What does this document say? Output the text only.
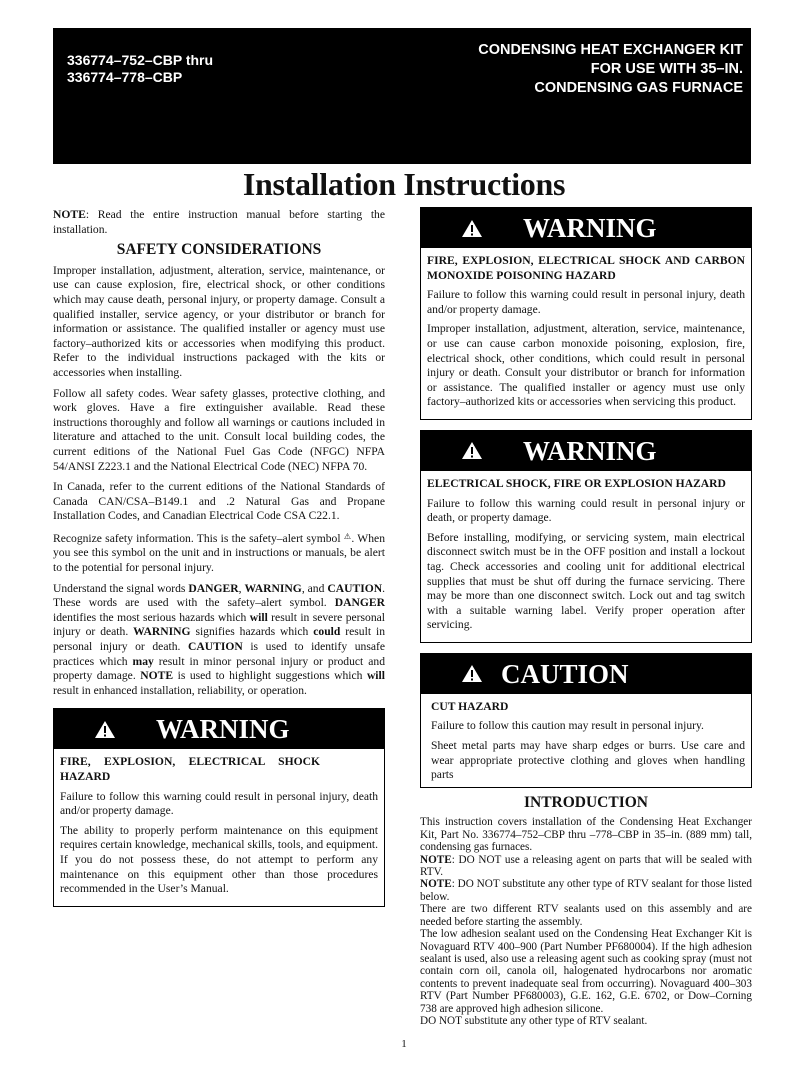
336774–752–CBP thru
336774–778–CBP
CONDENSING HEAT EXCHANGER KIT
FOR USE WITH 35–IN.
CONDENSING GAS FURNACE
Installation Instructions

NOTE: Read the entire instruction manual before starting the installation.

SAFETY CONSIDERATIONS

Improper installation, adjustment, alteration, service, maintenance, or use can cause explosion, fire, electrical shock, or other conditions which may cause death, personal injury, or property damage. Consult a qualified installer, service agency, or your distributor or branch for information or assistance. The qualified installer or agency must use factory–authorized kits or accessories when modifying this product. Refer to the individual instructions packaged with the kits or accessories when installing.

Follow all safety codes. Wear safety glasses, protective clothing, and work gloves. Have a fire extinguisher available. Read these instructions thoroughly and follow all warnings or cautions included in literature and attached to the unit. Consult local building codes, the current editions of the National Fuel Gas Code (NFGC) NFPA 54/ANSI Z223.1 and the National Electrical Code (NEC) NFPA 70.

In Canada, refer to the current editions of the National Standards of Canada CAN/CSA–B149.1 and .2 Natural Gas and Propane Installation Codes, and Canadian Electrical Code CSA C22.1.

Recognize safety information. This is the safety–alert symbol ⚠. When you see this symbol on the unit and in instructions or manuals, be alert to the potential for personal injury.

Understand the signal words DANGER, WARNING, and CAUTION. These words are used with the safety–alert symbol. DANGER identifies the most serious hazards which will result in severe personal injury or death. WARNING signifies hazards which could result in personal injury or death. CAUTION is used to identify unsafe practices which may result in minor personal injury or product and property damage. NOTE is used to highlight suggestions which will result in enhanced installation, reliability, or operation.

WARNING

FIRE, EXPLOSION, ELECTRICAL SHOCK HAZARD

Failure to follow this warning could result in personal injury, death and/or property damage.

The ability to properly perform maintenance on this equipment requires certain knowledge, mechanical skills, tools, and equipment. If you do not possess these, do not attempt to perform any maintenance on this equipment other than those procedures recommended in the User’s Manual.

WARNING

FIRE, EXPLOSION, ELECTRICAL SHOCK AND CARBON MONOXIDE POISONING HAZARD

Failure to follow this warning could result in personal injury, death and/or property damage.

Improper installation, adjustment, alteration, service, maintenance, or use can cause carbon monoxide poisoning, explosion, fire, electrical shock, other conditions, which could result in personal injury or death. Consult your distributor or branch for information or assistance. The qualified installer or agency must use only factory–authorized kits or accessories when servicing this product.

WARNING

ELECTRICAL SHOCK, FIRE OR EXPLOSION HAZARD

Failure to follow this warning could result in personal injury or death, or property damage.

Before installing, modifying, or servicing system, main electrical disconnect switch must be in the OFF position and install a lockout tag. Check accessories and cooling unit for additional electrical supplies that must be shut off during the furnace servicing. There may be more than one disconnect switch. Lock out and tag switch with a suitable warning label. Verify proper operation after servicing.

CAUTION

CUT HAZARD

Failure to follow this caution may result in personal injury.

Sheet metal parts may have sharp edges or burrs. Use care and wear appropriate protective clothing and gloves when handling parts

INTRODUCTION

This instruction covers installation of the Condensing Heat Exchanger Kit, Part No. 336774–752–CBP thru –778–CBP in 35–in. (889 mm) tall, condensing gas furnaces.

NOTE: DO NOT use a releasing agent on parts that will be sealed with RTV.

NOTE: DO NOT substitute any other type of RTV sealant for those listed below.

There are two different RTV sealants used on this assembly and are needed before starting the assembly.

The low adhesion sealant used on the Condensing Heat Exchanger Kit is Novaguard RTV 400–900 (Part Number PF680004). If the high adhesion sealant is used, also use a releasing agent such as cooking spray (must not contain corn oil, canola oil, halogenated hydrocarbons nor aromatic contents to prevent inadequate seal from occurring). Novaguard 400–303 RTV (Part Number PF680003), G.E. 162, G.E. 6702, or Dow–Corning 738 are approved high adhesion silicone.

DO NOT substitute any other type of RTV sealant.

1
